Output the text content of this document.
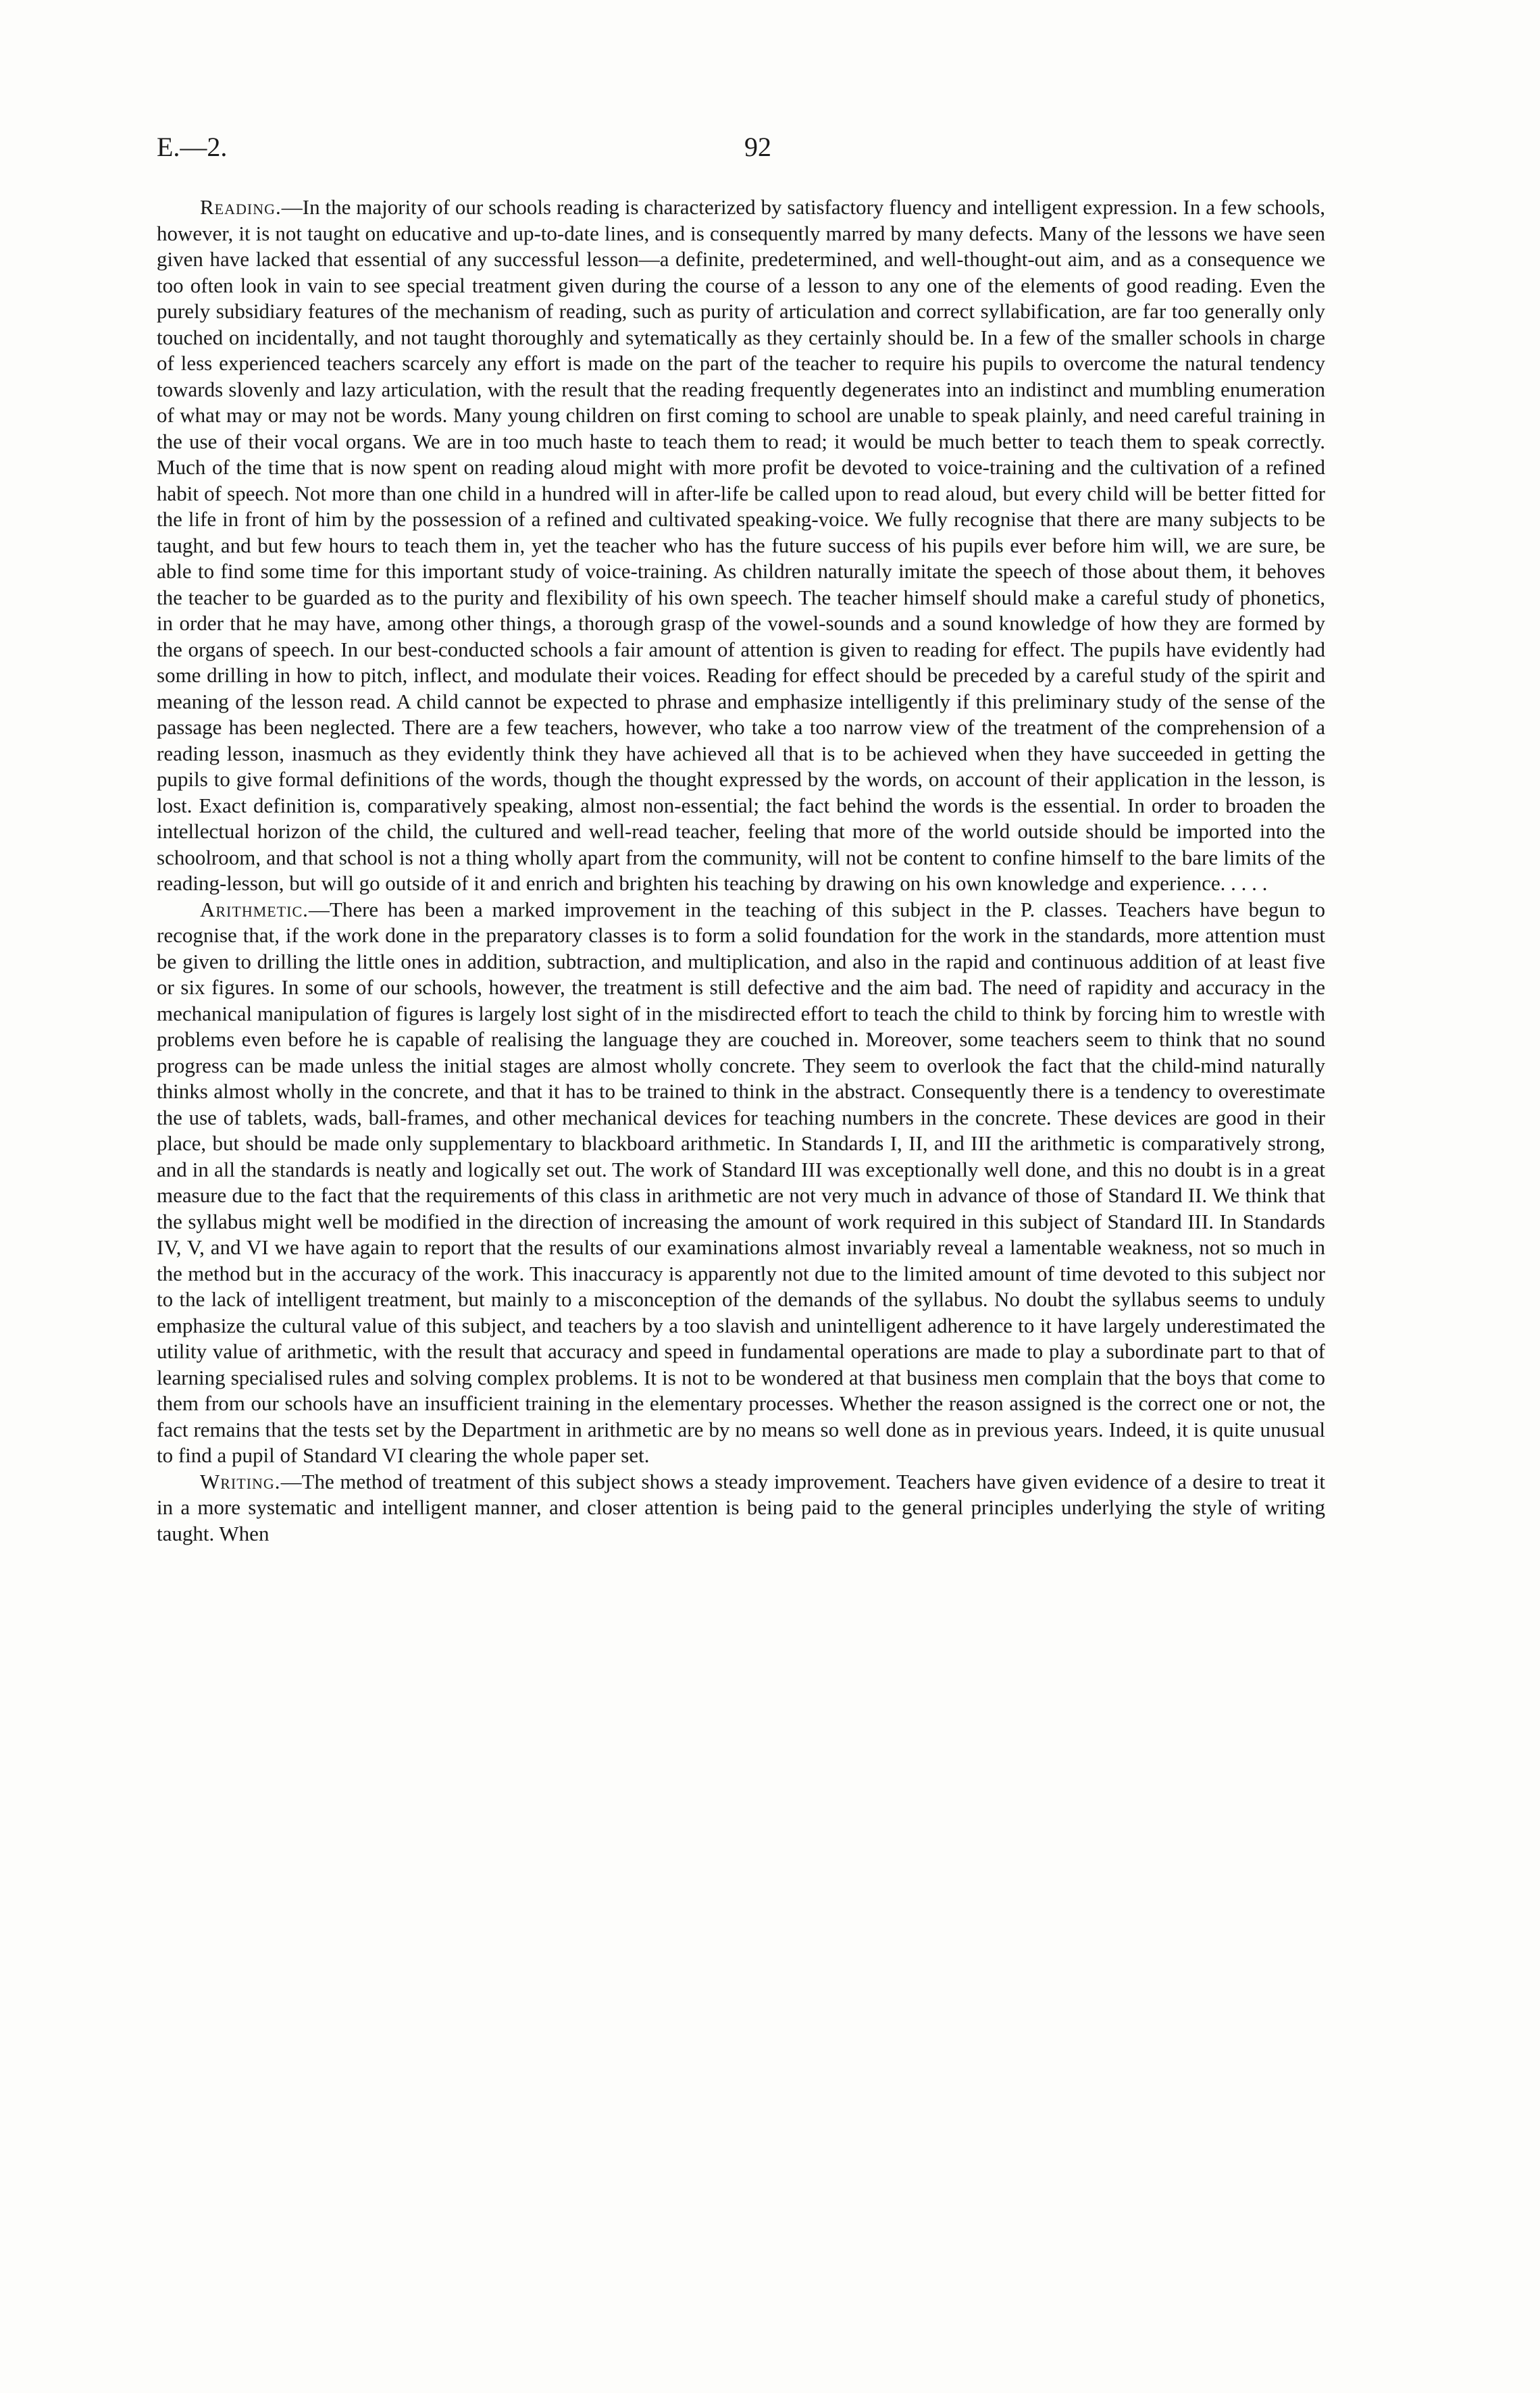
E.—2.	92

Reading.—In the majority of our schools reading is characterized by satisfactory fluency and intelligent expression. In a few schools, however, it is not taught on educative and up-to-date lines, and is consequently marred by many defects. Many of the lessons we have seen given have lacked that essential of any successful lesson—a definite, predetermined, and well-thought-out aim, and as a consequence we too often look in vain to see special treatment given during the course of a lesson to any one of the elements of good reading. Even the purely subsidiary features of the mechanism of reading, such as purity of articulation and correct syllabification, are far too generally only touched on incidentally, and not taught thoroughly and sytematically as they certainly should be. In a few of the smaller schools in charge of less experienced teachers scarcely any effort is made on the part of the teacher to require his pupils to overcome the natural tendency towards slovenly and lazy articulation, with the result that the reading frequently degenerates into an indistinct and mumbling enumeration of what may or may not be words. Many young children on first coming to school are unable to speak plainly, and need careful training in the use of their vocal organs. We are in too much haste to teach them to read; it would be much better to teach them to speak correctly. Much of the time that is now spent on reading aloud might with more profit be devoted to voice-training and the cultivation of a refined habit of speech. Not more than one child in a hundred will in after-life be called upon to read aloud, but every child will be better fitted for the life in front of him by the possession of a refined and cultivated speaking-voice. We fully recognise that there are many subjects to be taught, and but few hours to teach them in, yet the teacher who has the future success of his pupils ever before him will, we are sure, be able to find some time for this important study of voice-training. As children naturally imitate the speech of those about them, it behoves the teacher to be guarded as to the purity and flexibility of his own speech. The teacher himself should make a careful study of phonetics, in order that he may have, among other things, a thorough grasp of the vowel-sounds and a sound knowledge of how they are formed by the organs of speech. In our best-conducted schools a fair amount of attention is given to reading for effect. The pupils have evidently had some drilling in how to pitch, inflect, and modulate their voices. Reading for effect should be preceded by a careful study of the spirit and meaning of the lesson read. A child cannot be expected to phrase and emphasize intelligently if this preliminary study of the sense of the passage has been neglected. There are a few teachers, however, who take a too narrow view of the treatment of the comprehension of a reading lesson, inasmuch as they evidently think they have achieved all that is to be achieved when they have succeeded in getting the pupils to give formal definitions of the words, though the thought expressed by the words, on account of their application in the lesson, is lost. Exact definition is, comparatively speaking, almost non-essential; the fact behind the words is the essential. In order to broaden the intellectual horizon of the child, the cultured and well-read teacher, feeling that more of the world outside should be imported into the schoolroom, and that school is not a thing wholly apart from the community, will not be content to confine himself to the bare limits of the reading-lesson, but will go outside of it and enrich and brighten his teaching by drawing on his own knowledge and experience. . . . .

Arithmetic.—There has been a marked improvement in the teaching of this subject in the P. classes. Teachers have begun to recognise that, if the work done in the preparatory classes is to form a solid foundation for the work in the standards, more attention must be given to drilling the little ones in addition, subtraction, and multiplication, and also in the rapid and continuous addition of at least five or six figures. In some of our schools, however, the treatment is still defective and the aim bad. The need of rapidity and accuracy in the mechanical manipulation of figures is largely lost sight of in the misdirected effort to teach the child to think by forcing him to wrestle with problems even before he is capable of realising the language they are couched in. Moreover, some teachers seem to think that no sound progress can be made unless the initial stages are almost wholly concrete. They seem to overlook the fact that the child-mind naturally thinks almost wholly in the concrete, and that it has to be trained to think in the abstract. Consequently there is a tendency to overestimate the use of tablets, wads, ball-frames, and other mechanical devices for teaching numbers in the concrete. These devices are good in their place, but should be made only supplementary to blackboard arithmetic. In Standards I, II, and III the arithmetic is comparatively strong, and in all the standards is neatly and logically set out. The work of Standard III was exceptionally well done, and this no doubt is in a great measure due to the fact that the requirements of this class in arithmetic are not very much in advance of those of Standard II. We think that the syllabus might well be modified in the direction of increasing the amount of work required in this subject of Standard III. In Standards IV, V, and VI we have again to report that the results of our examinations almost invariably reveal a lamentable weakness, not so much in the method but in the accuracy of the work. This inaccuracy is apparently not due to the limited amount of time devoted to this subject nor to the lack of intelligent treatment, but mainly to a misconception of the demands of the syllabus. No doubt the syllabus seems to unduly emphasize the cultural value of this subject, and teachers by a too slavish and unintelligent adherence to it have largely underestimated the utility value of arithmetic, with the result that accuracy and speed in fundamental operations are made to play a subordinate part to that of learning specialised rules and solving complex problems. It is not to be wondered at that business men complain that the boys that come to them from our schools have an insufficient training in the elementary processes. Whether the reason assigned is the correct one or not, the fact remains that the tests set by the Department in arithmetic are by no means so well done as in previous years. Indeed, it is quite unusual to find a pupil of Standard VI clearing the whole paper set.

Writing.—The method of treatment of this subject shows a steady improvement. Teachers have given evidence of a desire to treat it in a more systematic and intelligent manner, and closer attention is being paid to the general principles underlying the style of writing taught. When
